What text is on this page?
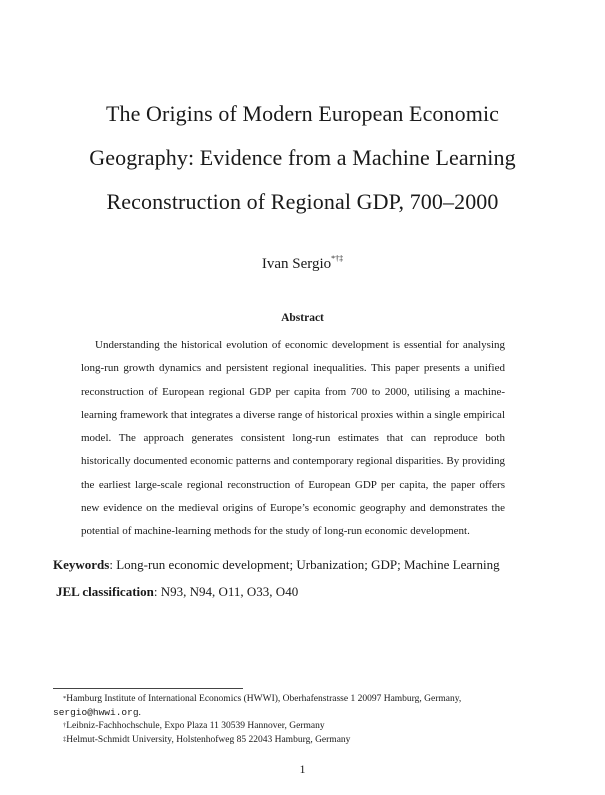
The Origins of Modern European Economic
Geography: Evidence from a Machine Learning
Reconstruction of Regional GDP, 700–2000
Ivan Sergio*†‡
Abstract
Understanding the historical evolution of economic development is essential for analysing long-run growth dynamics and persistent regional inequalities. This paper presents a unified reconstruction of European regional GDP per capita from 700 to 2000, utilising a machine-learning framework that integrates a diverse range of historical proxies within a single empirical model. The approach generates consistent long-run estimates that can reproduce both historically documented economic patterns and contemporary regional disparities. By providing the earliest large-scale regional reconstruction of European GDP per capita, the paper offers new evidence on the medieval origins of Europe’s economic geography and demonstrates the potential of machine-learning methods for the study of long-run economic development.
Keywords: Long-run economic development; Urbanization; GDP; Machine Learning
JEL classification: N93, N94, O11, O33, O40
*Hamburg Institute of International Economics (HWWI), Oberhafenstrasse 1 20097 Hamburg, Germany,
sergio@hwwi.org.
†Leibniz-Fachhochschule, Expo Plaza 11 30539 Hannover, Germany
‡Helmut-Schmidt University, Holstenhofweg 85 22043 Hamburg, Germany
1
